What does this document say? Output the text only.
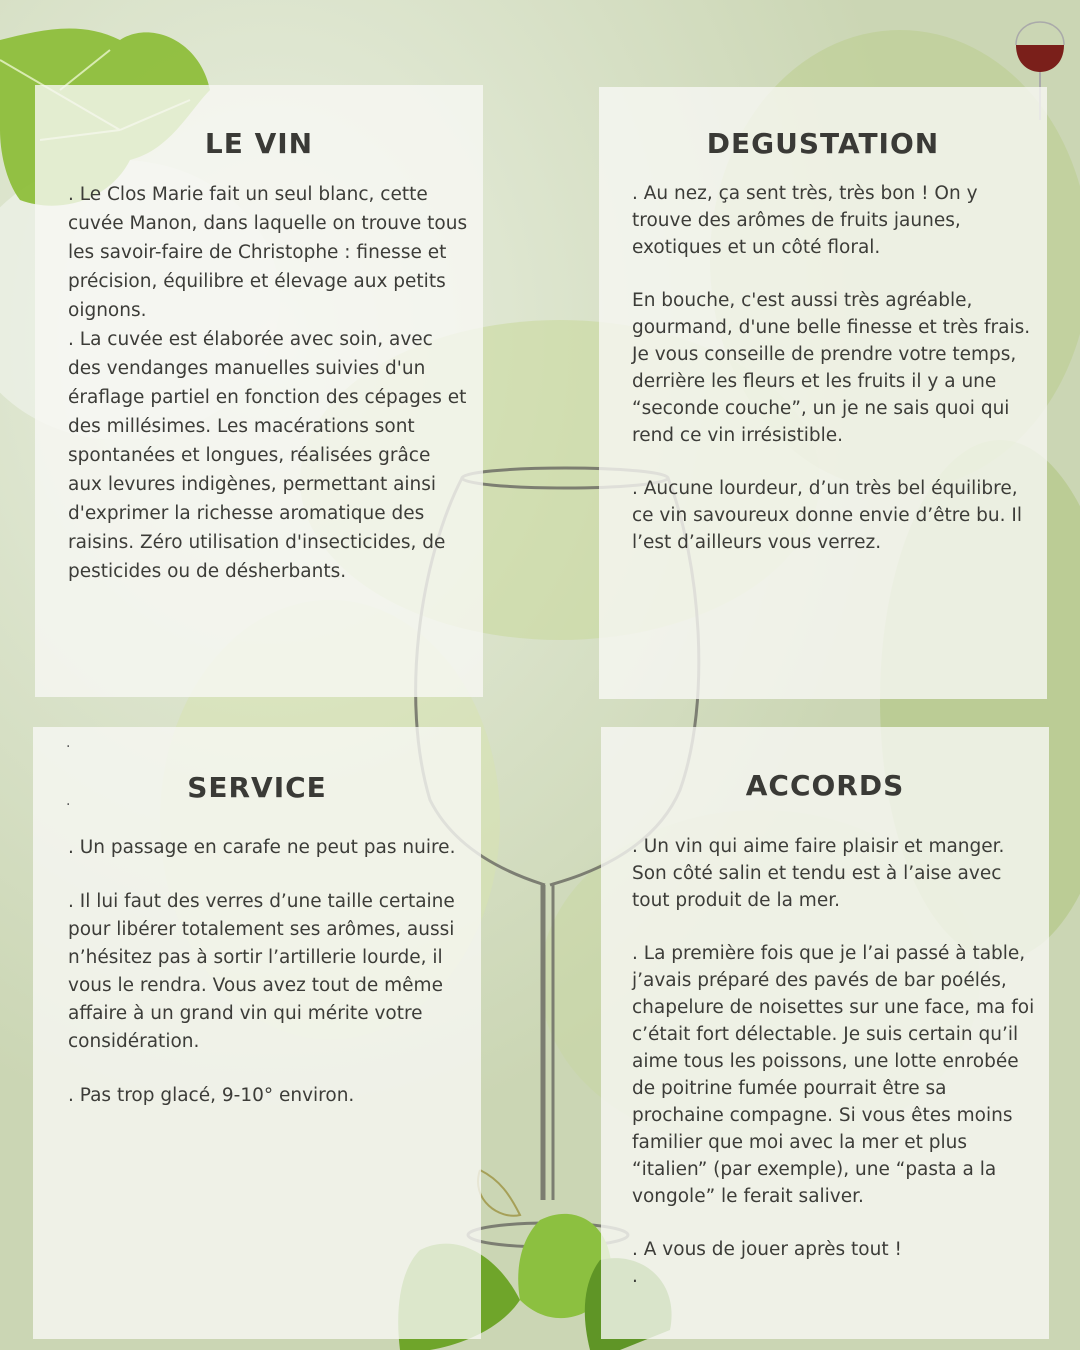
LE VIN

. Le Clos Marie fait un seul blanc, cette cuvée Manon, dans laquelle on trouve tous les savoir-faire de Christophe : finesse et précision, équilibre et élevage aux petits oignons.

. La cuvée est élaborée avec soin, avec des vendanges manuelles suivies d'un éraflage partiel en fonction des cépages et des millésimes. Les macérations sont spontanées et longues, réalisées grâce aux levures indigènes, permettant ainsi d'exprimer la richesse aromatique des raisins. Zéro utilisation d'insecticides, de pesticides ou de désherbants.

DEGUSTATION

. Au nez, ça sent très, très bon ! On y trouve des arômes de fruits jaunes, exotiques et un côté floral.

En bouche, c'est aussi très agréable, gourmand, d'une belle finesse et très frais. Je vous conseille de prendre votre temps, derrière les fleurs et les fruits il y a une “seconde couche”, un je ne sais quoi qui rend ce vin irrésistible.

. Aucune lourdeur, d’un très bel équilibre, ce vin savoureux donne envie d’être bu. Il l’est d’ailleurs vous verrez.

.
SERVICE
.

. Un passage en carafe ne peut pas nuire.

. Il lui faut des verres d’une taille certaine pour libérer totalement ses arômes, aussi n’hésitez pas à sortir l’artillerie lourde, il vous le rendra. Vous avez tout de même affaire à un grand vin qui mérite votre considération.

. Pas trop glacé, 9-10° environ.

ACCORDS

. Un vin qui aime faire plaisir et manger. Son côté salin et tendu est à l’aise avec tout produit de la mer.

. La première fois que je l’ai passé à table, j’avais préparé des pavés de bar poélés, chapelure de noisettes sur une face, ma foi c’était fort délectable. Je suis certain qu’il aime tous les poissons, une lotte enrobée de poitrine fumée pourrait être sa prochaine compagne. Si vous êtes moins familier que moi avec la mer et plus “italien” (par exemple), une “pasta a la vongole” le ferait saliver.

. A vous de jouer après tout !

.
